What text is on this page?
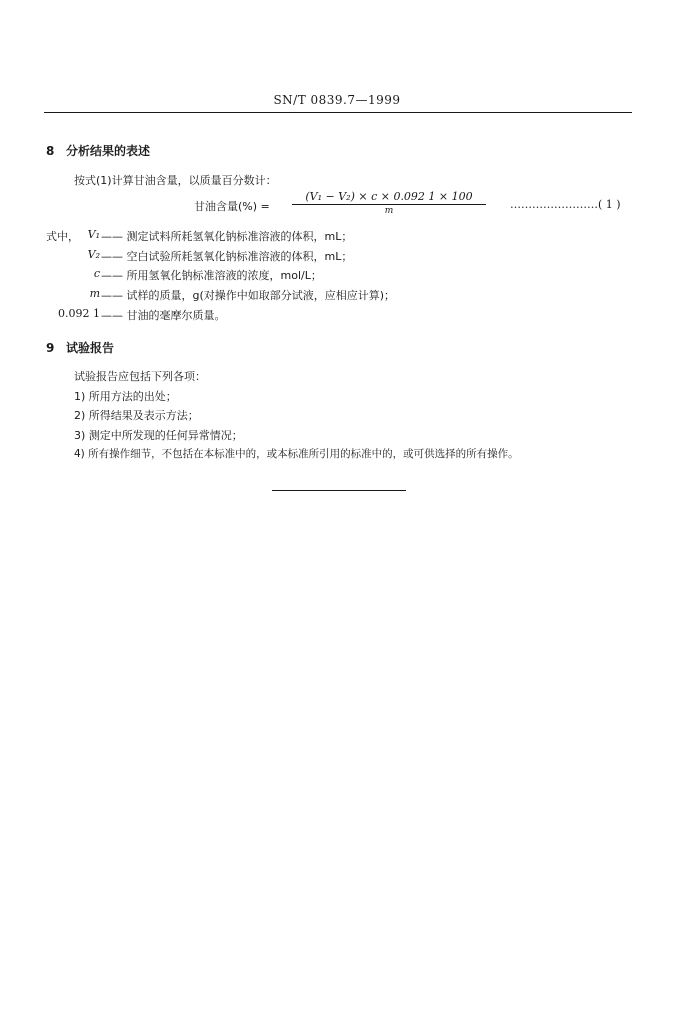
SN/T 0839.7—1999
8 分析结果的表述
按式(1)计算甘油含量，以质量百分数计：
甘油含量(%) =
(V₁ − V₂) × c × 0.092 1 × 100
m	……………………( 1 )
式中， V₁ —— 测定试料所耗氢氧化钠标准溶液的体积，mL；
V₂ —— 空白试验所耗氢氧化钠标准溶液的体积，mL；
c —— 所用氢氧化钠标准溶液的浓度，mol/L；
m —— 试样的质量，g(对操作中如取部分试液，应相应计算)；
0.092 1 —— 甘油的毫摩尔质量。
9 试验报告
试验报告应包括下列各项：
1) 所用方法的出处；
2) 所得结果及表示方法；
3) 测定中所发现的任何异常情况；
4) 所有操作细节，不包括在本标准中的，或本标准所引用的标准中的，或可供选择的所有操作。
